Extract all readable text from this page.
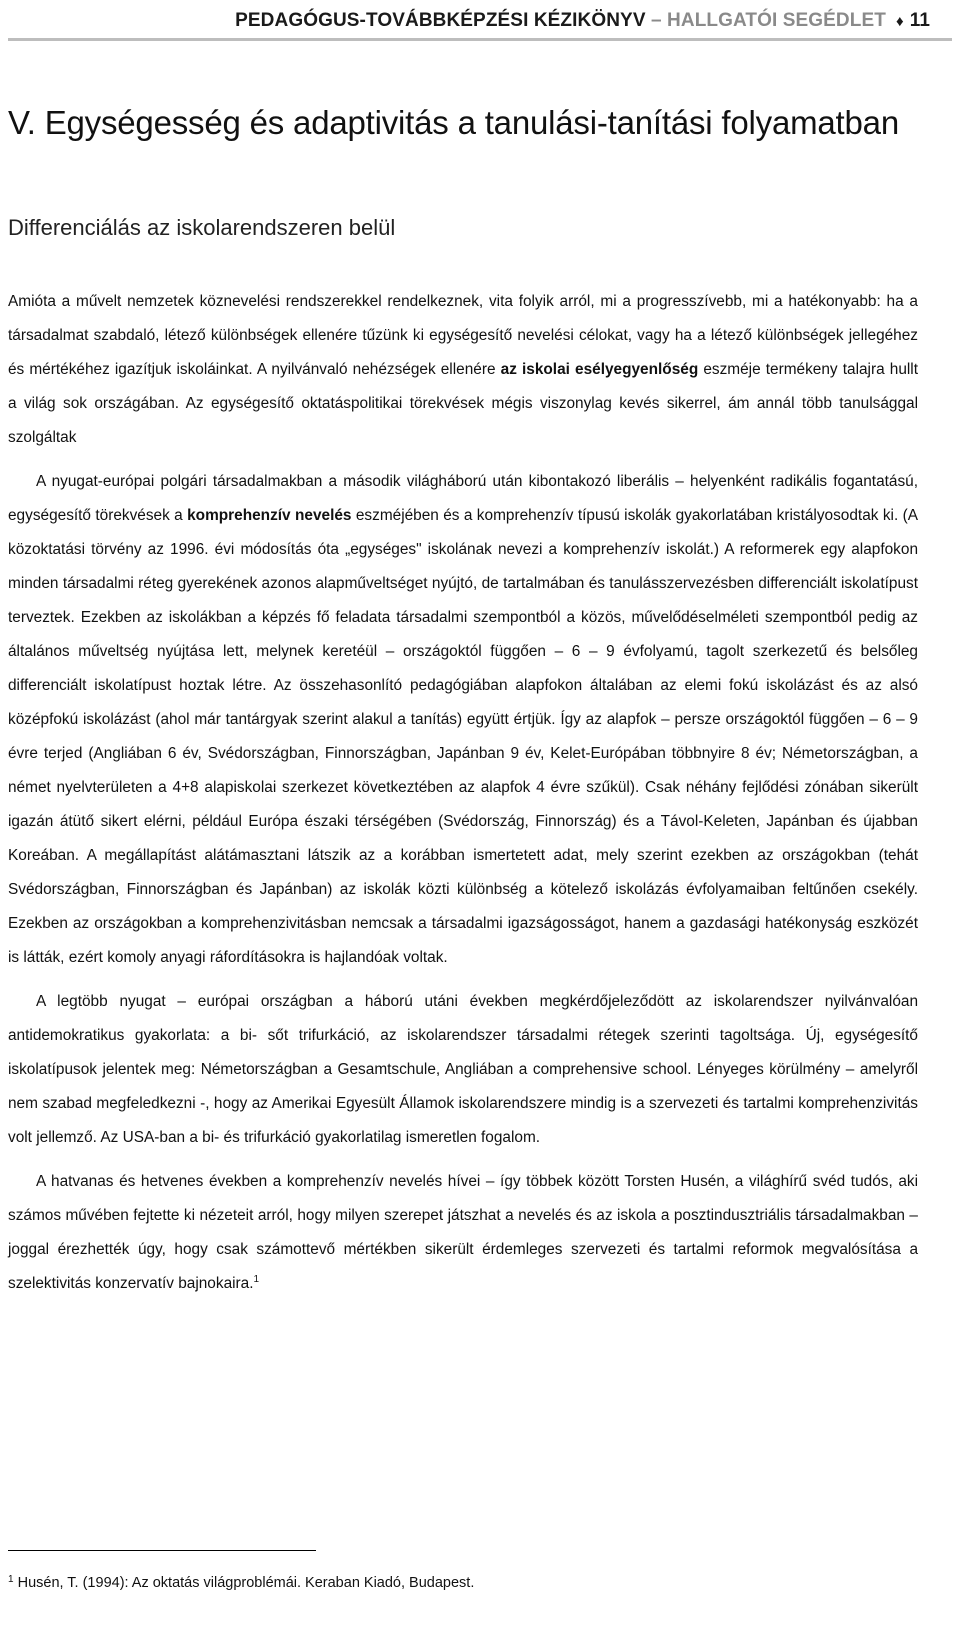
PEDAGÓGUS-TOVÁBBKÉPZÉSI KÉZIKÖNYV
–
HALLGATÓI SEGÉDLET ♦ 11
V. Egységesség és adaptivitás a tanulási-tanítási folyamatban
Differenciálás az iskolarendszeren belül

Amióta a művelt nemzetek köznevelési rendszerekkel rendelkeznek, vita folyik arról, mi a progresszívebb, mi a hatékonyabb: ha a társadalmat szabdaló, létező különbségek ellenére tűzünk ki egységesítő nevelési célokat, vagy ha a létező különbségek jellegéhez és mértékéhez igazítjuk iskoláinkat. A nyilvánvaló nehézségek ellenére az iskolai esélyegyenlőség eszméje termékeny talajra hullt a világ sok országában. Az egységesítő oktatáspolitikai törekvések mégis viszonylag kevés sikerrel, ám annál több tanulsággal szolgáltak

A nyugat-európai polgári társadalmakban a második világháború után kibontakozó liberális – helyenként radikális fogantatású, egységesítő törekvések a komprehenzív nevelés eszméjében és a komprehenzív típusú iskolák gyakorlatában kristályosodtak ki. (A közoktatási törvény az 1996. évi módosítás óta „egységes" iskolának nevezi a komprehenzív iskolát.) A reformerek egy alapfokon minden társadalmi réteg gyerekének azonos alapműveltséget nyújtó, de tartalmában és tanulásszervezésben differenciált iskolatípust terveztek. Ezekben az iskolákban a képzés fő feladata társadalmi szempontból a közös, művelődéselméleti szempontból pedig az általános műveltség nyújtása lett, melynek keretéül – országoktól függően – 6 – 9 évfolyamú, tagolt szerkezetű és belsőleg differenciált iskolatípust hoztak létre. Az összehasonlító pedagógiában alapfokon általában az elemi fokú iskolázást és az alsó középfokú iskolázást (ahol már tantárgyak szerint alakul a tanítás) együtt értjük. Így az alapfok – persze országoktól függően – 6 – 9 évre terjed (Angliában 6 év, Svédországban, Finnországban, Japánban 9 év, Kelet-Európában többnyire 8 év; Németországban, a német nyelvterületen a 4+8 alapiskolai szerkezet következtében az alapfok 4 évre szűkül). Csak néhány fejlődési zónában sikerült igazán átütő sikert elérni, például Európa északi térségében (Svédország, Finnország) és a Távol-Keleten, Japánban és újabban Koreában. A megállapítást alátámasztani látszik az a korábban ismertetett adat, mely szerint ezekben az országokban (tehát Svédországban, Finnországban és Japánban) az iskolák közti különbség a kötelező iskolázás évfolyamaiban feltűnően csekély. Ezekben az országokban a komprehenzivitásban nemcsak a társadalmi igazságosságot, hanem a gazdasági hatékonyság eszközét is látták, ezért komoly anyagi ráfordításokra is hajlandóak voltak.

A legtöbb nyugat – európai országban a háború utáni években megkérdőjeleződött az iskolarendszer nyilvánvalóan antidemokratikus gyakorlata: a bi- sőt trifurkáció, az iskolarendszer társadalmi rétegek szerinti tagoltsága. Új, egységesítő iskolatípusok jelentek meg: Németországban a Gesamtschule, Angliában a comprehensive school. Lényeges körülmény – amelyről nem szabad megfeledkezni -, hogy az Amerikai Egyesült Államok iskolarendszere mindig is a szervezeti és tartalmi komprehenzivitás volt jellemző. Az USA-ban a bi- és trifurkáció gyakorlatilag ismeretlen fogalom.

A hatvanas és hetvenes években a komprehenzív nevelés hívei – így többek között Torsten Husén, a világhírű svéd tudós, aki számos művében fejtette ki nézeteit arról, hogy milyen szerepet játszhat a nevelés és az iskola a posztindusztriális társadalmakban – joggal érezhették úgy, hogy csak számottevő mértékben sikerült érdemleges szervezeti és tartalmi reformok megvalósítása a szelektivitás konzervatív bajnokaira.$^1$

$^1$ Husén, T. (1994): Az oktatás világproblémái. Keraban Kiadó, Budapest.
